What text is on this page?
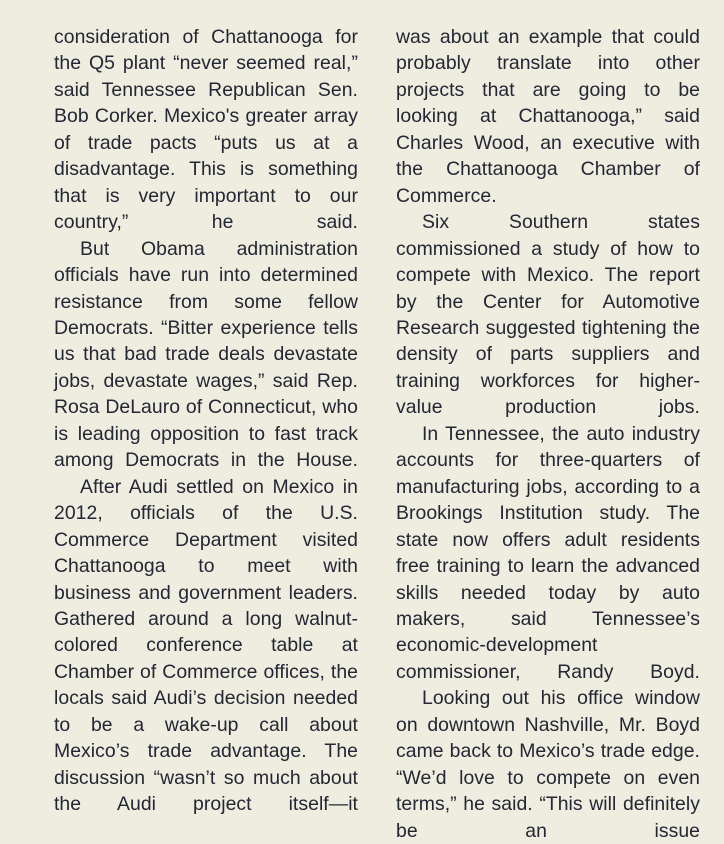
consideration of Chattanooga for the Q5 plant “never seemed real,” said Tennessee Republican Sen. Bob Corker. Mexico's greater array of trade pacts “puts us at a disadvantage. This is something that is very important to our country,” he said.

But Obama administration officials have run into determined resistance from some fellow Democrats. “Bitter experience tells us that bad trade deals devastate jobs, devastate wages,” said Rep. Rosa DeLauro of Connecticut, who is leading opposition to fast track among Democrats in the House.

After Audi settled on Mexico in 2012, officials of the U.S. Commerce Department visited Chattanooga to meet with business and government leaders. Gathered around a long walnut-colored conference table at Chamber of Commerce offices, the locals said Audi’s decision needed to be a wake-up call about Mexico’s trade advantage. The discussion “wasn’t so much about the Audi project itself—it

was about an example that could probably translate into other projects that are going to be looking at Chattanooga,” said Charles Wood, an executive with the Chattanooga Chamber of Commerce.

Six Southern states commissioned a study of how to compete with Mexico. The report by the Center for Automotive Research suggested tightening the density of parts suppliers and training workforces for higher-value production jobs.

In Tennessee, the auto industry accounts for three-quarters of manufacturing jobs, according to a Brookings Institution study. The state now offers adult residents free training to learn the advanced skills needed today by auto makers, said Tennessee’s economic-development commissioner, Randy Boyd.

Looking out his office window on downtown Nashville, Mr. Boyd came back to Mexico’s trade edge. “We’d love to compete on even terms,” he said. “This will definitely be an issue
